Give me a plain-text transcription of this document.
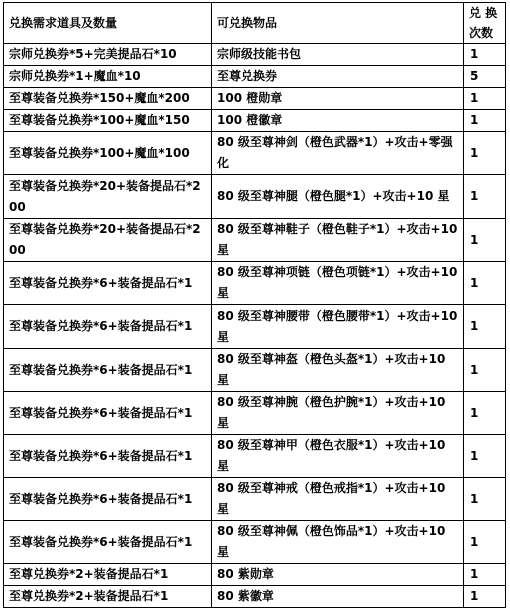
兑换需求道具及数量	可兑换物品	兑 换 次数
宗师兑换券*5+完美提品石*10	宗师级技能书包	1
宗师兑换券*1+魔血*10	至尊兑换券	5
至尊装备兑换券*150+魔血*200	100 橙勋章	1
至尊装备兑换券*100+魔血*150	100 橙徽章	1
至尊装备兑换券*100+魔血*100	80 级至尊神剑（橙色武器*1）+攻击+零强化	1
至尊装备兑换券*20+装备提品石*200	80 级至尊神腿（橙色腿*1）+攻击+10 星	1
至尊装备兑换券*20+装备提品石*200	80 级至尊神鞋子（橙色鞋子*1）+攻击+10 星	1
至尊装备兑换券*6+装备提品石*1	80 级至尊神项链（橙色项链*1）+攻击+10 星	1
至尊装备兑换券*6+装备提品石*1	80 级至尊神腰带（橙色腰带*1）+攻击+10 星	1
至尊装备兑换券*6+装备提品石*1	80 级至尊神盔（橙色头盔*1）+攻击+10 星	1
至尊装备兑换券*6+装备提品石*1	80 级至尊神腕（橙色护腕*1）+攻击+10 星	1
至尊装备兑换券*6+装备提品石*1	80 级至尊神甲（橙色衣服*1）+攻击+10 星	1
至尊装备兑换券*6+装备提品石*1	80 级至尊神戒（橙色戒指*1）+攻击+10 星	1
至尊装备兑换券*6+装备提品石*1	80 级至尊神佩（橙色饰品*1）+攻击+10 星	1
至尊兑换券*2+装备提品石*1	80 紫勋章	1
至尊兑换券*2+装备提品石*1	80 紫徽章	1
